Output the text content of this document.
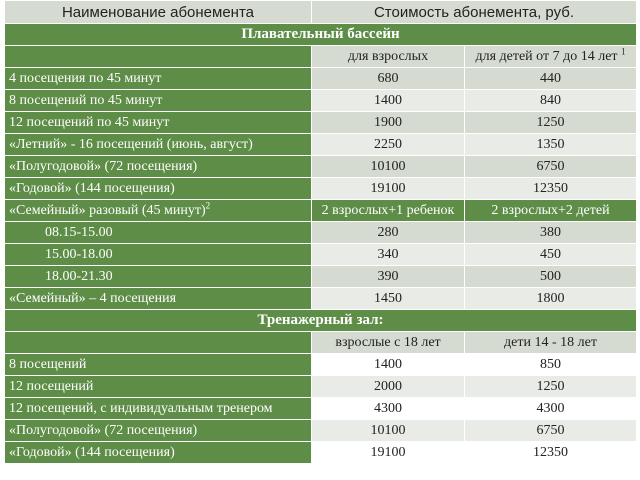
Наименование абонемента	Стоимость абонемента, руб.	
Плавательный бассейн		
	для взрослых	для детей от 7 до 14 лет $^1$
4 посещения по 45 минут	680	440
8 посещений по 45 минут	1400	840
12 посещений по 45 минут	1900	1250
«Летний» - 16 посещений (июнь, август)	2250	1350
«Полугодовой» (72 посещения)	10100	6750
«Годовой» (144 посещения)	19100	12350
«Семейный» разовый (45 минут)$^2$	2 взрослых+1 ребенок	2 взрослых+2 детей
08.15-15.00	280	380
15.00-18.00	340	450
18.00-21.30	390	500
«Семейный» – 4 посещения	1450	1800
Тренажерный зал:		
	взрослые с 18 лет	дети 14 - 18 лет
8 посещений	1400	850
12 посещений	2000	1250
12 посещений, с индивидуальным тренером	4300	4300
«Полугодовой» (72 посещения)	10100	6750
«Годовой» (144 посещения)	19100	12350
